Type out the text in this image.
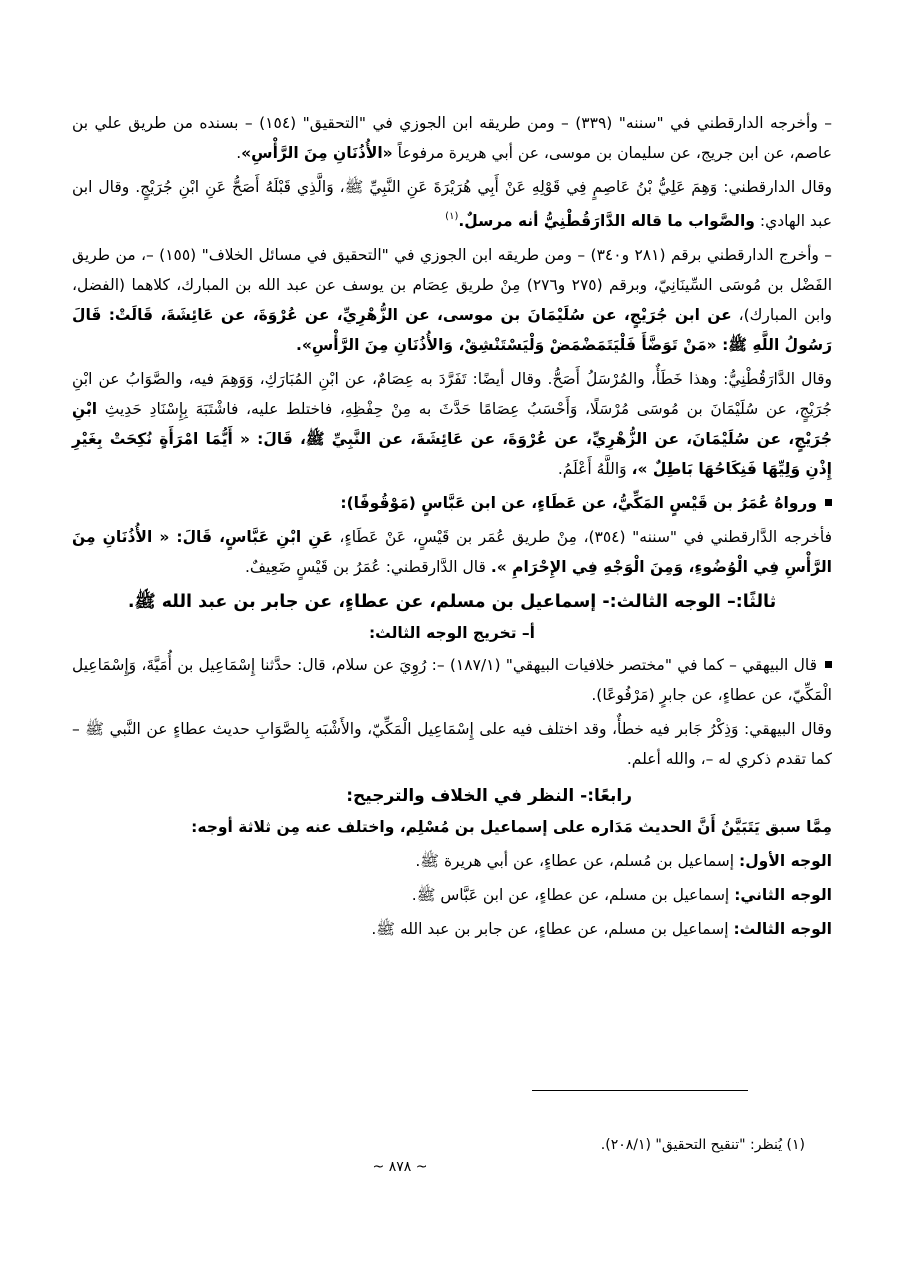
– وأخرجه الدارقطني في "سننه" (٣٣٩) – ومن طريقه ابن الجوزي في "التحقيق" (١٥٤) – بسنده من طريق علي بن عاصم، عن ابن جريج، عن سليمان بن موسى، عن أبي هريرة مرفوعاً «الأُذُنَانِ مِنَ الرَّأْسِ».

وقال الدارقطني: وَهِمَ عَلِيُّ بْنُ عَاصِمٍ فِي قَوْلِهِ عَنْ أَبِي هُرَيْرَةَ عَنِ النَّبِيِّ ﷺ، وَالَّذِي قَبْلَهُ أَصَحُّ عَنِ ابْنِ جُرَيْجٍ. وقال ابن عبد الهادي: والصَّواب ما قاله الدَّارَقُطْنِيُّ أنه مرسلٌ.$^{(١)}$

– وأخرج الدارقطني برقم (٢٨١ و٣٤٠) – ومن طريقه ابن الجوزي في "التحقيق في مسائل الخلاف" (١٥٥) –، من طريق الفَضْل بن مُوسَى السِّينَانِيّ، وبرقم (٢٧٥ و٢٧٦) مِنْ طريق عِصَام بن يوسف عن عبد الله بن المبارك، كلاهما (الفضل، وابن المبارك)، عن ابن جُرَيْجٍ، عن سُلَيْمَانَ بن موسى، عن الزُّهْرِيِّ، عن عُرْوَةَ، عن عَائِشَةَ، قَالَتْ: قَالَ رَسُولُ اللَّهِ ﷺ: «مَنْ تَوَضَّأَ فَلْيَتَمَضْمَضْ وَلْيَسْتَنْشِقْ، وَالأُذُنَانِ مِنَ الرَّأْسِ».

وقال الدَّارَقُطْنِيُّ: وهذا خَطَأٌ، والمُرْسَلُ أَصَحُّ. وقال أيضًا: تَفَرَّدَ به عِصَامٌ، عن ابْنِ المُبَارَكِ، وَوَهِمَ فيه، والصَّوَابُ عن ابْنِ جُرَيْجٍ، عن سُلَيْمَانَ بن مُوسَى مُرْسَلًا، وَأَحْسَبُ عِصَامًا حَدَّثَ به مِنْ حِفْظِهِ، فاختلط عليه، فاشْتَبَهَ بِإِسْنَادِ حَدِيثِ ابْنِ جُرَيْجٍ، عن سُلَيْمَانَ، عن الزُّهْرِيِّ، عن عُرْوَةَ، عن عَائِشَةَ، عن النَّبِيِّ ﷺ، قَالَ: « أَيُّمَا امْرَأَةٍ نُكِحَتْ بِغَيْرِ إِذْنِ وَلِيِّهَا فَنِكَاحُهَا بَاطِلٌ »، وَاللَّهُ أَعْلَمُ.

ورواهُ عُمَرُ بن قَيْسٍ المَكِّيُّ، عن عَطَاءٍ، عن ابن عَبَّاسٍ (مَوْقُوفًا):

فأخرجه الدَّارقطني في "سننه" (٣٥٤)، مِنْ طريق عُمَر بن قَيْسٍ، عَنْ عَطَاءٍ، عَنِ ابْنِ عَبَّاسٍ، قَالَ: « الأُذُنَانِ مِنَ الرَّأْسِ فِي الْوُضُوءِ، وَمِنَ الْوَجْهِ فِي الإِحْرَامِ ». قال الدَّارقطني: عُمَرُ بن قَيْسٍ ضَعِيفٌ.

ثالثًا:– الوجه الثالث:- إسماعيل بن مسلم، عن عطاءٍ، عن جابر بن عبد الله ﷺ.
أ– تخريج الوجه الثالث:

قال البيهقي – كما في "مختصر خلافيات البيهقي" (١٨٧/١) –: رُوِيَ عن سلام، قال: حدَّثنا إِسْمَاعِيل بن أُمَيَّةَ، وَإِسْمَاعِيل الْمَكِّيّ، عن عطاءٍ، عن جابرٍ (مَرْفُوعًا).

وقال البيهقي: وَذِكْرُ جَابر فيه خطأٌ، وقد اختلف فيه على إِسْمَاعِيل الْمَكِّيّ، والأَشْبَه بِالصَّوَابِ حديث عطاءٍ عن النَّبي ﷺ – كما تقدم ذكري له –، والله أعلم.

رابعًا:- النظر في الخلاف والترجيح:

مِمَّا سبق يَتَبَيَّنُ أَنَّ الحديث مَدَاره على إسماعيل بن مُسْلِم، واختلف عنه مِن ثلاثة أوجه:

الوجه الأول: إسماعيل بن مُسلم، عن عطاءٍ، عن أبي هريرة ﷺ.

الوجه الثاني: إسماعيل بن مسلم، عن عطاءٍ، عن ابن عَبَّاس ﷺ.

الوجه الثالث: إسماعيل بن مسلم، عن عطاءٍ، عن جابر بن عبد الله ﷺ.

(١) يُنظر: "تنقيح التحقيق" (٢٠٨/١).
~ ٨٧٨ ~
